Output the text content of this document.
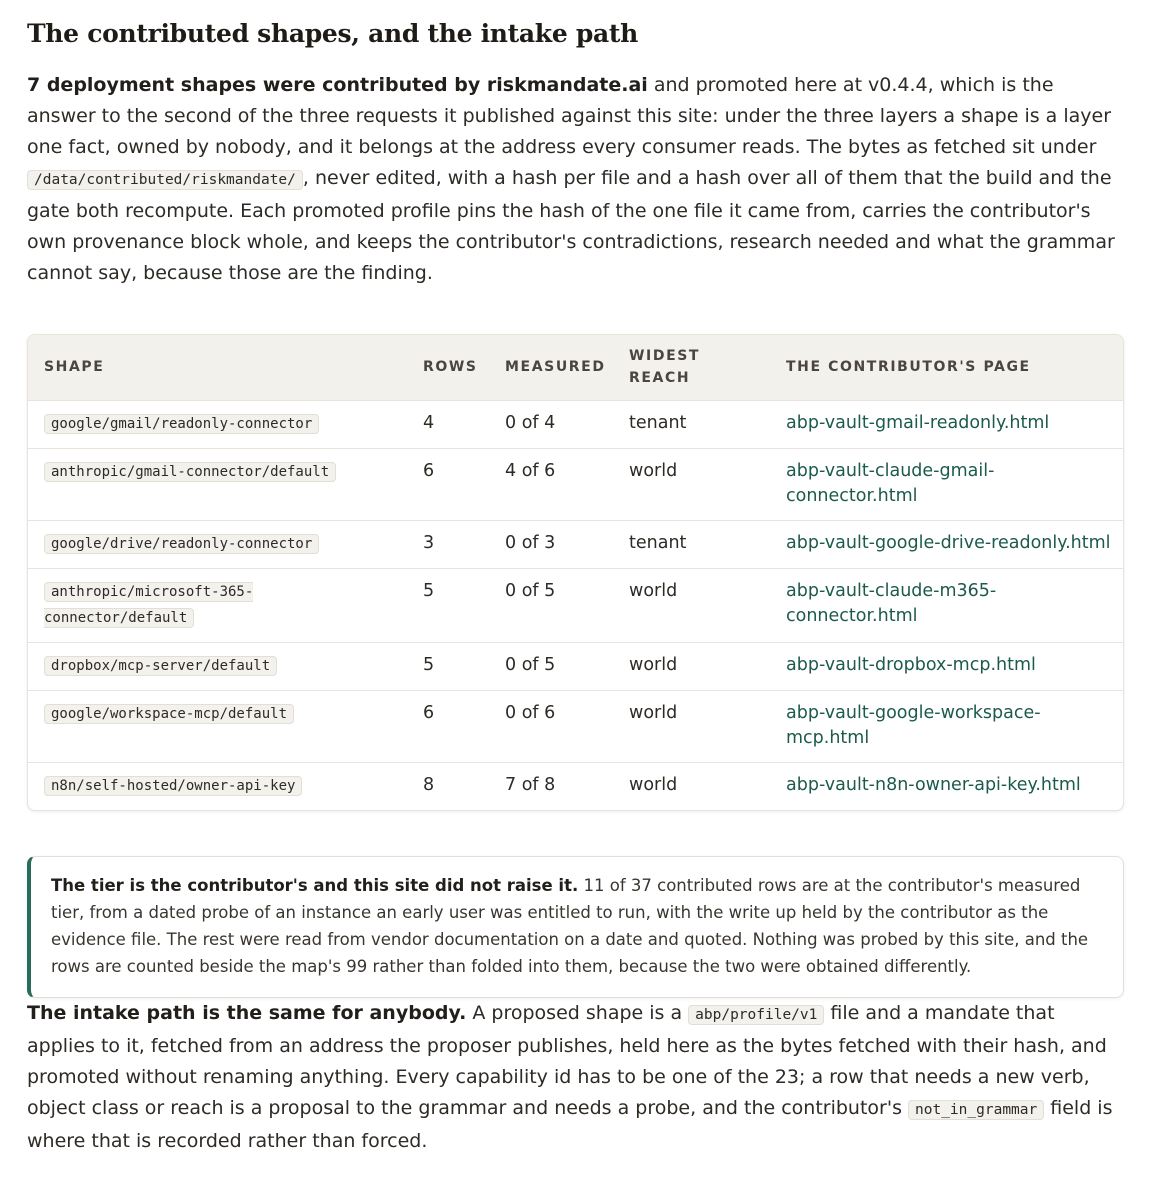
The contributed shapes, and the intake path

7 deployment shapes were contributed by riskmandate.ai and promoted here at v0.4.4, which is the answer to the second of the three requests it published against this site: under the three layers a shape is a layer one fact, owned by nobody, and it belongs at the address every consumer reads. The bytes as fetched sit under /data/contributed/riskmandate/ , never edited, with a hash per file and a hash over all of them that the build and the gate both recompute. Each promoted profile pins the hash of the one file it came from, carries the contributor's own provenance block whole, and keeps the contributor's contradictions, research needed and what the grammar cannot say, because those are the finding.

SHAPE	ROWS	MEASURED	WIDEST REACH	THE CONTRIBUTOR'S PAGE
google/gmail/readonly-connector	4	0 of 4	tenant	abp-vault-gmail-readonly.html
anthropic/gmail-connector/default	6	4 of 6	world	abp-vault-claude-gmail-connector.html
google/drive/readonly-connector	3	0 of 3	tenant	abp-vault-google-drive-readonly.html
anthropic/microsoft-365-connector/default	5	0 of 5	world	abp-vault-claude-m365-connector.html
dropbox/mcp-server/default	5	0 of 5	world	abp-vault-dropbox-mcp.html
google/workspace-mcp/default	6	0 of 6	world	abp-vault-google-workspace-mcp.html
n8n/self-hosted/owner-api-key	8	7 of 8	world	abp-vault-n8n-owner-api-key.html
The tier is the contributor's and this site did not raise it. 11 of 37 contributed rows are at the contributor's measured tier, from a dated probe of an instance an early user was entitled to run, with the write up held by the contributor as the evidence file. The rest were read from vendor documentation on a date and quoted. Nothing was probed by this site, and the rows are counted beside the map's 99 rather than folded into them, because the two were obtained differently.

The intake path is the same for anybody. A proposed shape is a abp/profile/v1 file and a mandate that applies to it, fetched from an address the proposer publishes, held here as the bytes fetched with their hash, and promoted without renaming anything. Every capability id has to be one of the 23; a row that needs a new verb, object class or reach is a proposal to the grammar and needs a probe, and the contributor's not_in_grammar field is where that is recorded rather than forced.
